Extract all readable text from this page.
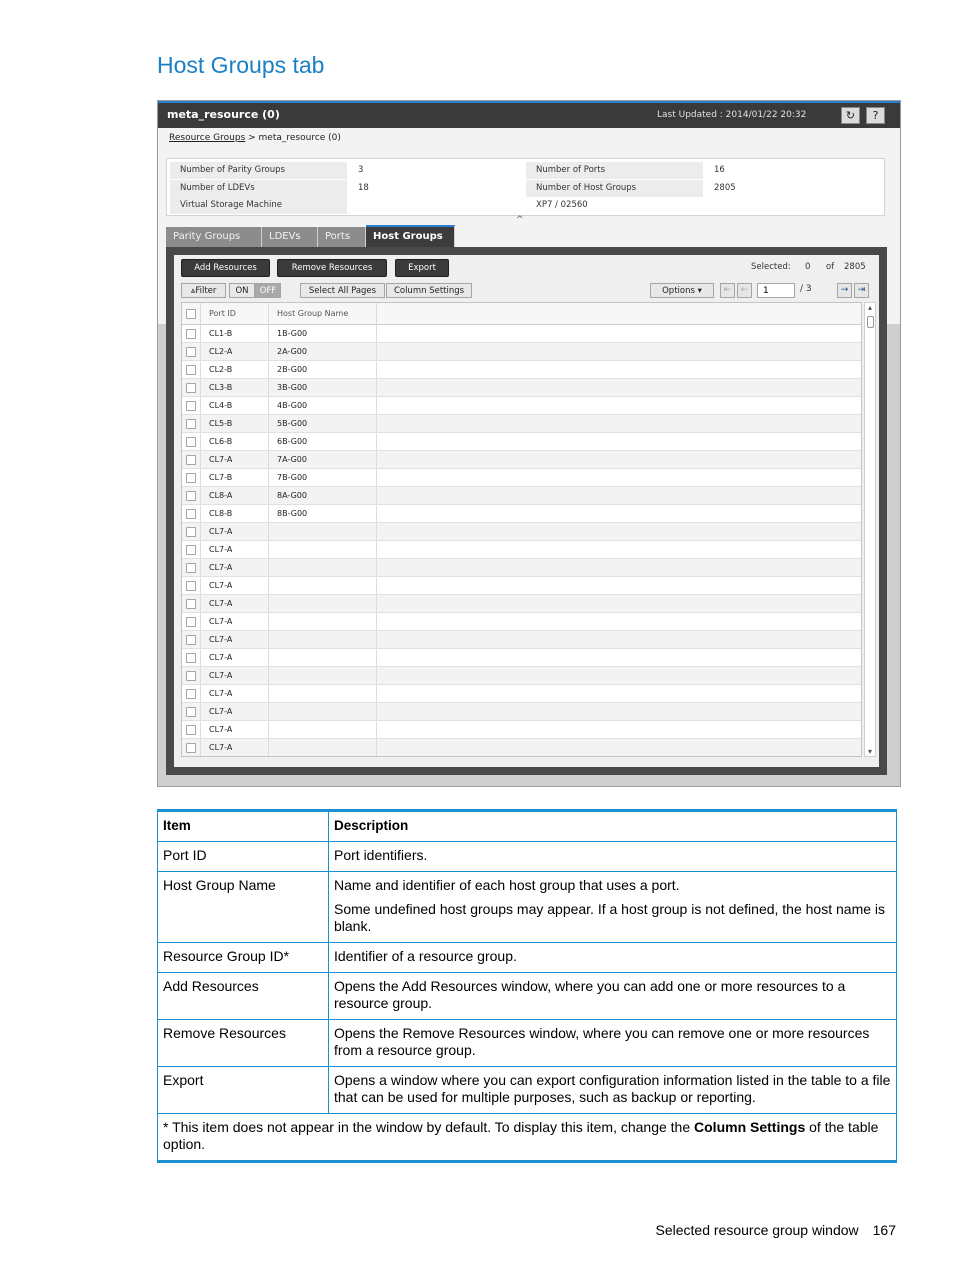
Host Groups tab
meta_resource (0)	Last Updated : 2014/01/22 20:32	↻	?
Resource Groups > meta_resource (0)
Number of Parity Groups	3	Number of Ports	16
Number of LDEVs	18	Number of Host Groups	2805
Virtual Storage Machine	XP7 / 02560
^
Parity Groups	LDEVs	Ports	Host Groups
Add Resources	Remove Resources	Export	Selected: 0 of 2805
⩓Filter	ON	OFF	Select All Pages	Column Settings	Options ▾	⇤	←	1	/ 3	→	⇥
Port ID	Host Group Name
CL1-B	1B-G00
CL2-A	2A-G00
CL2-B	2B-G00
CL3-B	3B-G00
CL4-B	4B-G00
CL5-B	5B-G00
CL6-B	6B-G00
CL7-A	7A-G00
CL7-B	7B-G00
CL8-A	8A-G00
CL8-B	8B-G00
CL7-A
CL7-A
CL7-A
CL7-A
CL7-A
CL7-A
CL7-A
CL7-A
CL7-A
CL7-A
CL7-A
CL7-A
CL7-A
▴
▾
Item	Description
Port ID	Port identifiers.

Host Group Name	Name and identifier of each host group that uses a port.

Some undefined host groups may appear. If a host group is not defined, the host name is blank.

Resource Group ID*	Identifier of a resource group.

Add Resources	Opens the Add Resources window, where you can add one or more resources to a resource group.

Remove Resources	Opens the Remove Resources window, where you can remove one or more resources from a resource group.

Export	Opens a window where you can export configuration information listed in the table to a file that can be used for multiple purposes, such as backup or reporting.

* This item does not appear in the window by default. To display this item, change the Column Settings of the table option.	
Selected resource group window 167
